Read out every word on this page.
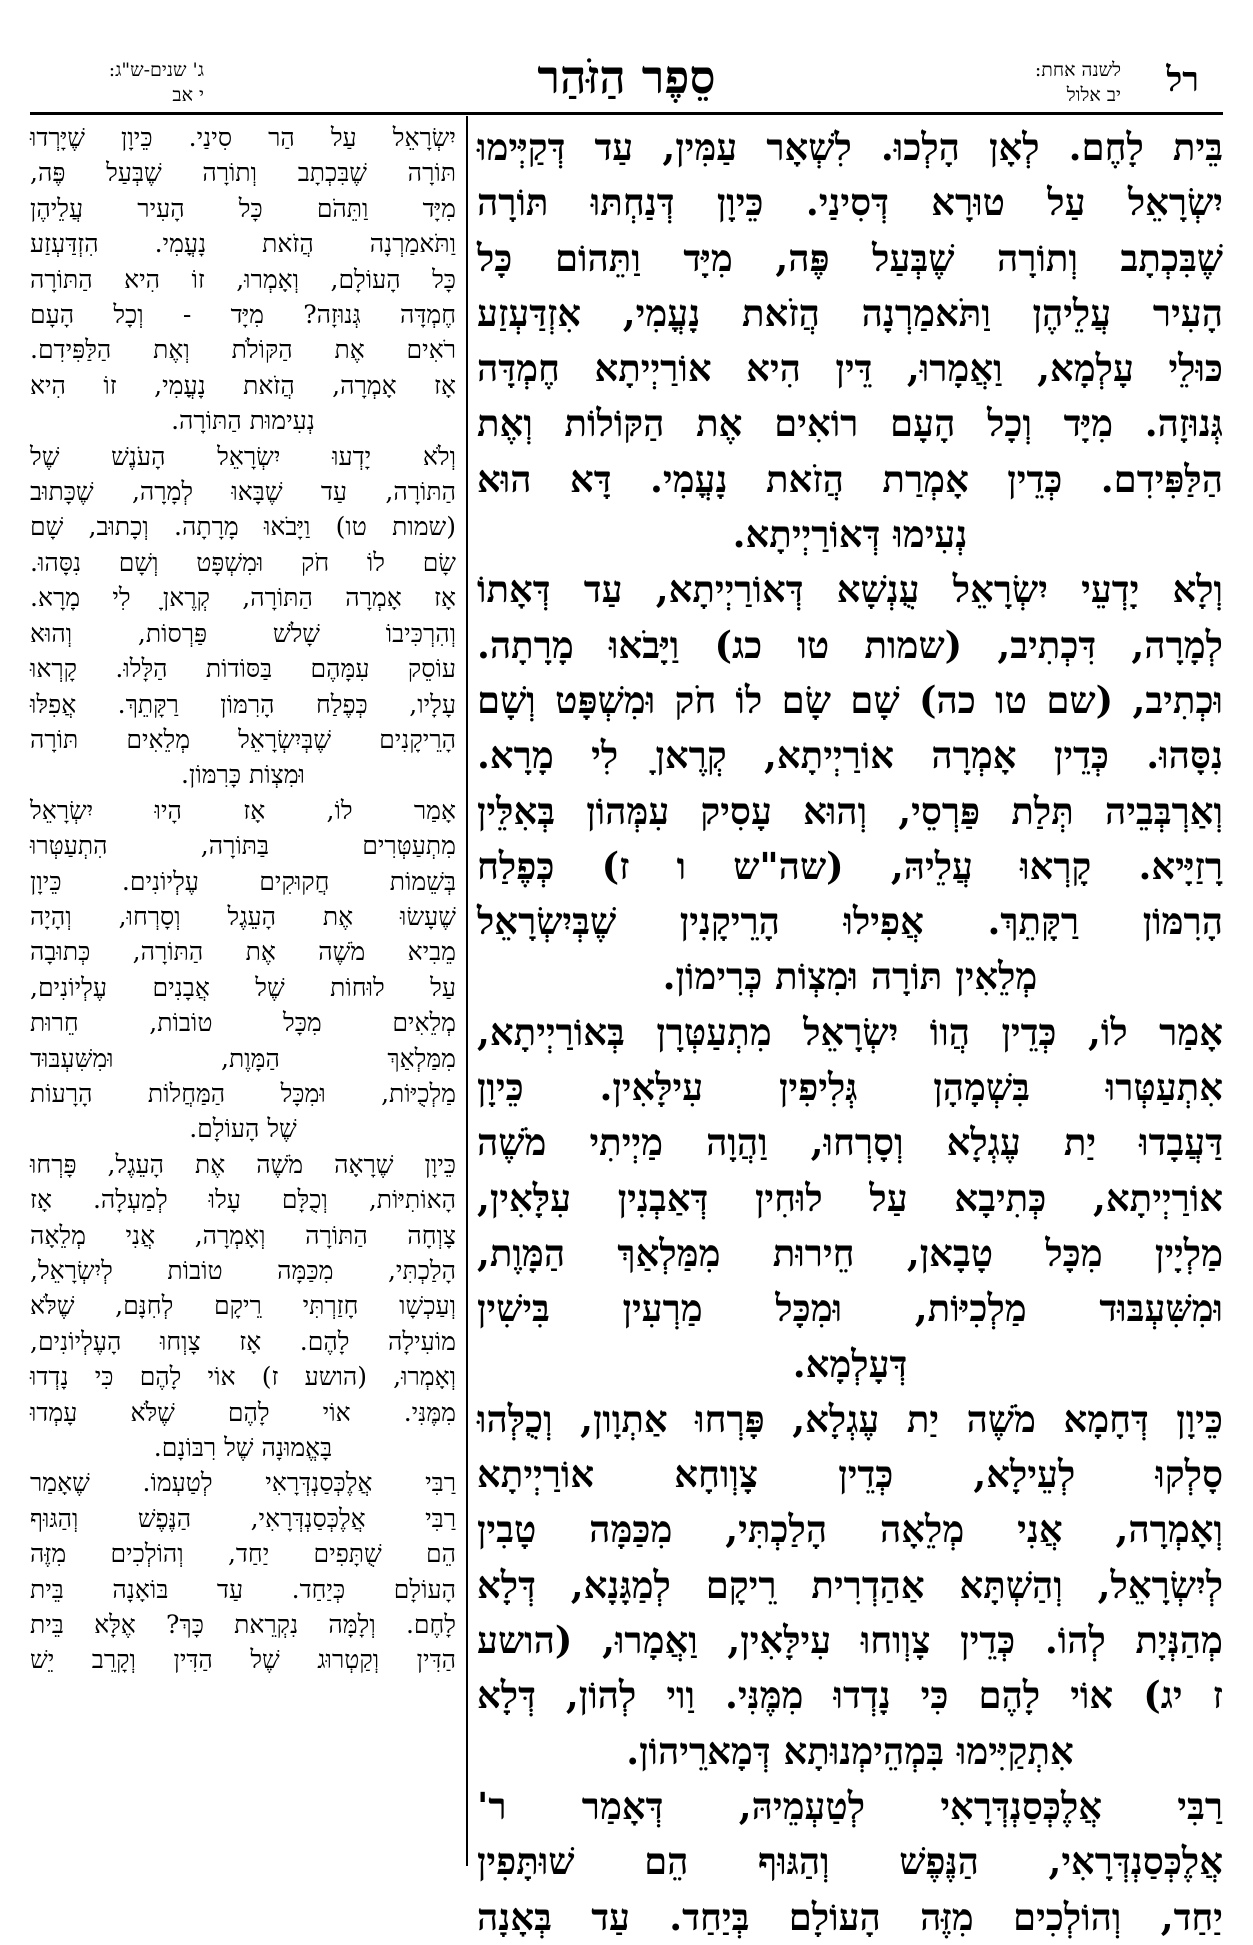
רל
לשנה אחת:
יב אלול
סֵפֶר הַזֹּהַר
ג' שנים-ש"ג:
י אב
בֵּית לָחֶם. לְאָן הָלְכוּ. לִשְׁאָר עַמִּין, עַד דְּקַיְּימוּ
יִשְׂרָאֵל עַל טוּרָא דְּסִינַי. כֵּיוָן דְּנַחְתּוּ תּוֹרָה
שֶׁבִּכְתָב וְתוֹרָה שֶׁבְּעַל פֶּה, מִיָּד וַתֵּהוֹם כָּל
הָעִיר עֲלֵיהֶן וַתֹּאמַרְנָה הֲזֹאת נָעֳמִי, אִזְדַּעְזַע
כּוּלֵי עָלְמָא, וַאֲמָרוּ, דֵּין הִיא אוֹרַיְיתָא חֶמְדָּה
גְּנוּזָה. מִיָּד וְכָל הָעָם רוֹאִים אֶת הַקּוֹלוֹת וְאֶת
הַלַּפִּידִם. כְּדֵין אָמְרַת הֲזֹאת נָעֳמִי. דָּא הוּא
נְעִימוּ דְּאוֹרַיְיתָא.
וְלָא יָדְעֵי יִשְׂרָאֵל עֻנְשָׁא דְּאוֹרַיְיתָא, עַד דְּאָתוֹ
לְמָרָה, דִּכְתִיב, (שמות טו כג) וַיָּבֹאוּ מָרָתָה.
וּכְתִיב, (שם טו כה) שָׁם שָׂם לוֹ חֹק וּמִשְׁפָּט וְשָׁם
נִסָּהוּ. כְּדֵין אָמְרָה אוֹרַיְיתָא, קְרֶאןָ לִי מָרָא.
וְאַרְבְּבֵיה תְּלַת פַּרְסֵי, וְהוּא עָסִיק עִמְּהוֹן בְּאִלֵּין
רָזַיָּיא. קָרְאוּ עֲלֵיהּ, (שה"ש ו ז) כְּפֶלַח
הָרִמּוֹן רַקָּתֵךְ. אֲפִילוּ הָרֵיקָנִין שֶׁבְּיִשְׂרָאֵל
מְלֵאִין תּוֹרָה וּמִצְוֹת כְּרִימוֹן.
אָמַר לוֹ, כְּדֵין הֲווֹ יִשְׂרָאֵל מִתְעַטְּרָן בְּאוֹרַיְיתָא,
אִתְעַטְּרוּ בִּשְׁמָהָן גְּלִיפִין עִילָּאִין. כֵּיוָן
דַּעֲבָדוּ יַת עֶגְלָא וְסָרְחוּ, וַהֲוָה מַיְיתִי מֹשֶׁה
אוֹרַיְיתָא, כְּתִיבָא עַל לוּחִין דְּאַבְנִין עִלָּאִין,
מַלְיָין מִכָּל טָבָאן, חֵירוּת מִמַּלְאַךְ הַמָּוֶת,
וּמִשִּׁעְבּוּד מַלְכִיּוֹת, וּמִכָּל מַרְעִין בִּישִׁין
דְּעָלְמָא.
כֵּיוָן דְּחָמָא מֹשֶׁה יַת עֶגְלָא, פָּרְחוּ אַתְוָון, וְכֻלְּהוּ
סָלְקוּ לְעֵילָא, כְּדֵין צָוְוחָא אוֹרַיְיתָא
וְאָמְרָה, אֲנִי מְלֵאָה הָלַכְתִּי, מִכַּמָּה טָבִין
לְיִשְׂרָאֵל, וְהַשְׁתָּא אַהַדְרִית רֵיקָם לְמַגָּנָא, דְּלָא
מְהַנְּיָת לְהוֹ. כְּדֵין צָוְוחוּ עִילָּאִין, וַאֲמָרוּ, (הושע
ז יג) אוֹי לָהֶם כִּי נָדְדוּ מִמֶּנִּי. וַוי לְהוֹן, דְּלָא
אִתְקַיִּימוּ בִּמְהֵימְנוּתָא דְּמָארֵיהוֹן.
רַבִּי אֲלֶכְּסַנְדְּרָאִי לְטַעְמֵיהּ, דְּאָמַר ר'
אֲלֶכְּסַנְדְּרָאִי, הַנֶּפֶשׁ וְהַגּוּף הֵם שׁוּתָּפִין
יַחַד, וְהוֹלְכִים מִזֶּה הָעוֹלָם בְּיַחַד. עַד בְּאָנָה
יִשְׂרָאֵל עַל הַר סִינַי. כֵּיוָן שֶׁיָּרְדוּ
תּוֹרָה שֶׁבִּכְתָב וְתוֹרָה שֶׁבְּעַל פֶּה,
מִיָּד וַתֵּהֹם כָּל הָעִיר עֲלֵיהֶן
וַתֹּאמַרְנָה הֲזֹאת נָעֳמִי. הִזְדַּעְזַע
כָּל הָעוֹלָם, וְאָמְרוּ, זוֹ הִיא הַתּוֹרָה
חֶמְדָּה גְּנוּזָה? מִיָּד - וְכָל הָעָם
רֹאִים אֶת הַקּוֹלֹת וְאֶת הַלַּפִּידִם.
אָז אָמְרָה, הֲזֹאת נָעֳמִי, זוֹ הִיא
נְעִימוּת הַתּוֹרָה.
וְלֹא יָדְעוּ יִשְׂרָאֵל הָעֹנֶשׁ שֶׁל
הַתּוֹרָה, עַד שֶׁבָּאוּ לְמָרָה, שֶׁכָּתוּב
(שמות טו) וַיָּבֹאוּ מָרָתָה. וְכָתוּב, שָׁם
שָׂם לוֹ חֹק וּמִשְׁפָּט וְשָׁם נִסָּהוּ.
אָז אָמְרָה הַתּוֹרָה, קְרֶאןָ לִי מָרָא.
וְהִרְכִּיבוֹ שָׁלֹשׁ פַּרְסוֹת, וְהוּא
עוֹסֵק עִמָּהֶם בַּסּוֹדוֹת הַלָּלוּ. קָרְאוּ
עָלָיו, כְּפֶלַח הָרִמּוֹן רַקָּתֵךְ. אֲפִלּוּ
הָרֵיקָנִים שֶׁבְּיִשְׂרָאֵל מְלֵאִים תּוֹרָה
וּמִצְוֹת כָּרִמּוֹן.
אָמַר לוֹ, אָז הָיוּ יִשְׂרָאֵל
מִתְעַטְּרִים בַּתּוֹרָה, הִתְעַטְּרוּ
בְּשֵׁמוֹת חֲקוּקִים עֶלְיוֹנִים. כֵּיוָן
שֶׁעָשׂוּ אֶת הָעֵגֶל וְסָרְחוּ, וְהָיָה
מֵבִיא מֹשֶׁה אֶת הַתּוֹרָה, כְּתוּבָה
עַל לוּחוֹת שֶׁל אֲבָנִים עֶלְיוֹנִים,
מְלֵאִים מִכָּל טוֹבוֹת, חֵרוּת
מִמַּלְאַךְ הַמָּוֶת, וּמִשִּׁעְבּוּד
מַלְכֻיּוֹת, וּמִכָּל הַמַּחֲלוֹת הָרָעוֹת
שֶׁל הָעוֹלָם.
כֵּיוָן שֶׁרָאָה מֹשֶׁה אֶת הָעֵגֶל, פָּרְחוּ
הָאוֹתִיּוֹת, וְכֻלָּם עָלוּ לְמַעְלָה. אָז
צָוְחָה הַתּוֹרָה וְאָמְרָה, אֲנִי מְלֵאָה
הָלַכְתִּי, מִכַּמָּה טוֹבוֹת לְיִשְׂרָאֵל,
וְעַכְשָׁו חָזַרְתִּי רֵיקָם לְחִנָּם, שֶׁלֹּא
מוֹעִילָה לָהֶם. אָז צָוְחוּ הָעֶלְיוֹנִים,
וְאָמְרוּ, (הושע ז) אוֹי לָהֶם כִּי נָדְדוּ
מִמֶּנִּי. אוֹי לָהֶם שֶׁלֹּא עָמְדוּ
בָּאֱמוּנָה שֶׁל רִבּוֹנָם.
רַבִּי אֲלֶכְּסַנְדְּרָאִי לְטַעְמוֹ. שֶׁאָמַר
רַבִּי אֲלֶכְּסַנְדְּרָאִי, הַנֶּפֶשׁ וְהַגּוּף
הֵם שֻׁתָּפִים יַחַד, וְהוֹלְכִים מִזֶּה
הָעוֹלָם כְּיַחַד. עַד בּוֹאָנָה בֵּית
לָחֶם. וְלָמָּה נִקְרֵאת כָּךְ? אֶלָּא בֵּית
הַדִּין וְקַטְרוּג שֶׁל הַדִּין וְקָרֵב יֵשׁ
